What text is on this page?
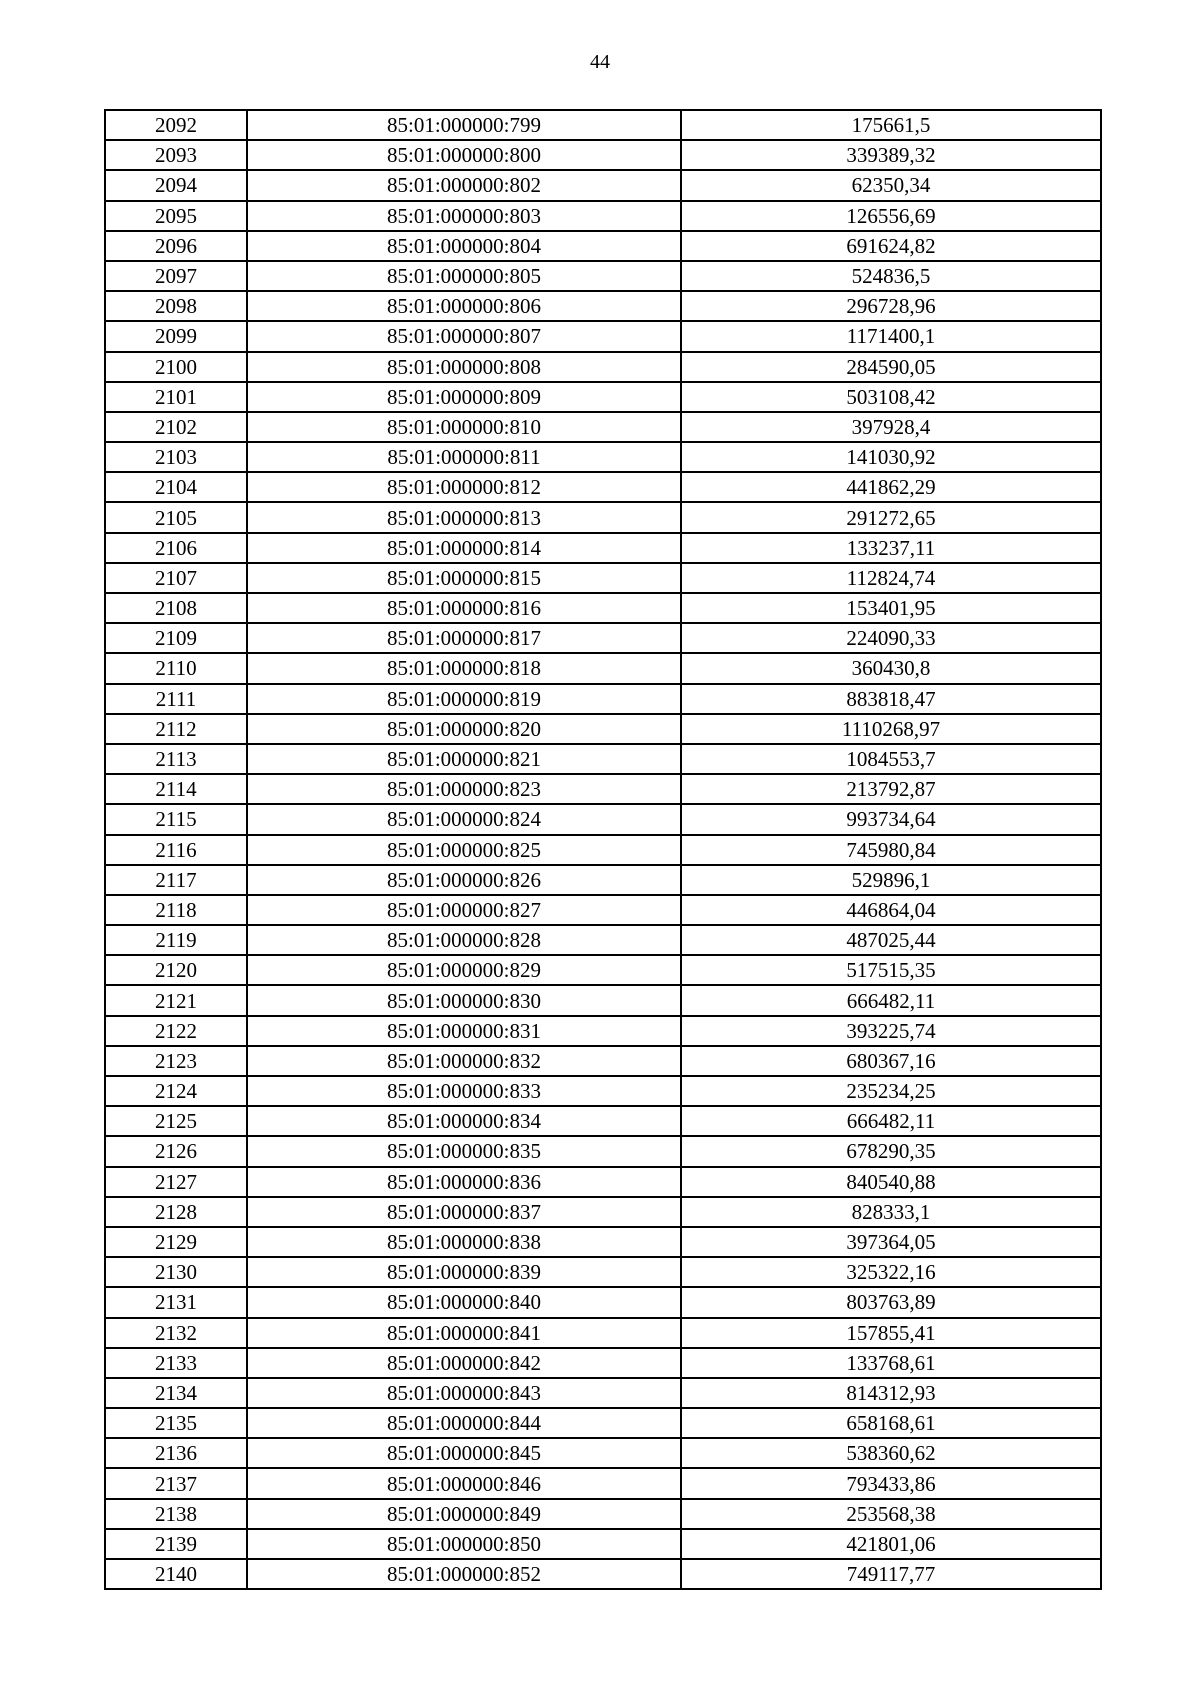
44
2092	85:01:000000:799	175661,5
2093	85:01:000000:800	339389,32
2094	85:01:000000:802	62350,34
2095	85:01:000000:803	126556,69
2096	85:01:000000:804	691624,82
2097	85:01:000000:805	524836,5
2098	85:01:000000:806	296728,96
2099	85:01:000000:807	1171400,1
2100	85:01:000000:808	284590,05
2101	85:01:000000:809	503108,42
2102	85:01:000000:810	397928,4
2103	85:01:000000:811	141030,92
2104	85:01:000000:812	441862,29
2105	85:01:000000:813	291272,65
2106	85:01:000000:814	133237,11
2107	85:01:000000:815	112824,74
2108	85:01:000000:816	153401,95
2109	85:01:000000:817	224090,33
2110	85:01:000000:818	360430,8
2111	85:01:000000:819	883818,47
2112	85:01:000000:820	1110268,97
2113	85:01:000000:821	1084553,7
2114	85:01:000000:823	213792,87
2115	85:01:000000:824	993734,64
2116	85:01:000000:825	745980,84
2117	85:01:000000:826	529896,1
2118	85:01:000000:827	446864,04
2119	85:01:000000:828	487025,44
2120	85:01:000000:829	517515,35
2121	85:01:000000:830	666482,11
2122	85:01:000000:831	393225,74
2123	85:01:000000:832	680367,16
2124	85:01:000000:833	235234,25
2125	85:01:000000:834	666482,11
2126	85:01:000000:835	678290,35
2127	85:01:000000:836	840540,88
2128	85:01:000000:837	828333,1
2129	85:01:000000:838	397364,05
2130	85:01:000000:839	325322,16
2131	85:01:000000:840	803763,89
2132	85:01:000000:841	157855,41
2133	85:01:000000:842	133768,61
2134	85:01:000000:843	814312,93
2135	85:01:000000:844	658168,61
2136	85:01:000000:845	538360,62
2137	85:01:000000:846	793433,86
2138	85:01:000000:849	253568,38
2139	85:01:000000:850	421801,06
2140	85:01:000000:852	749117,77
